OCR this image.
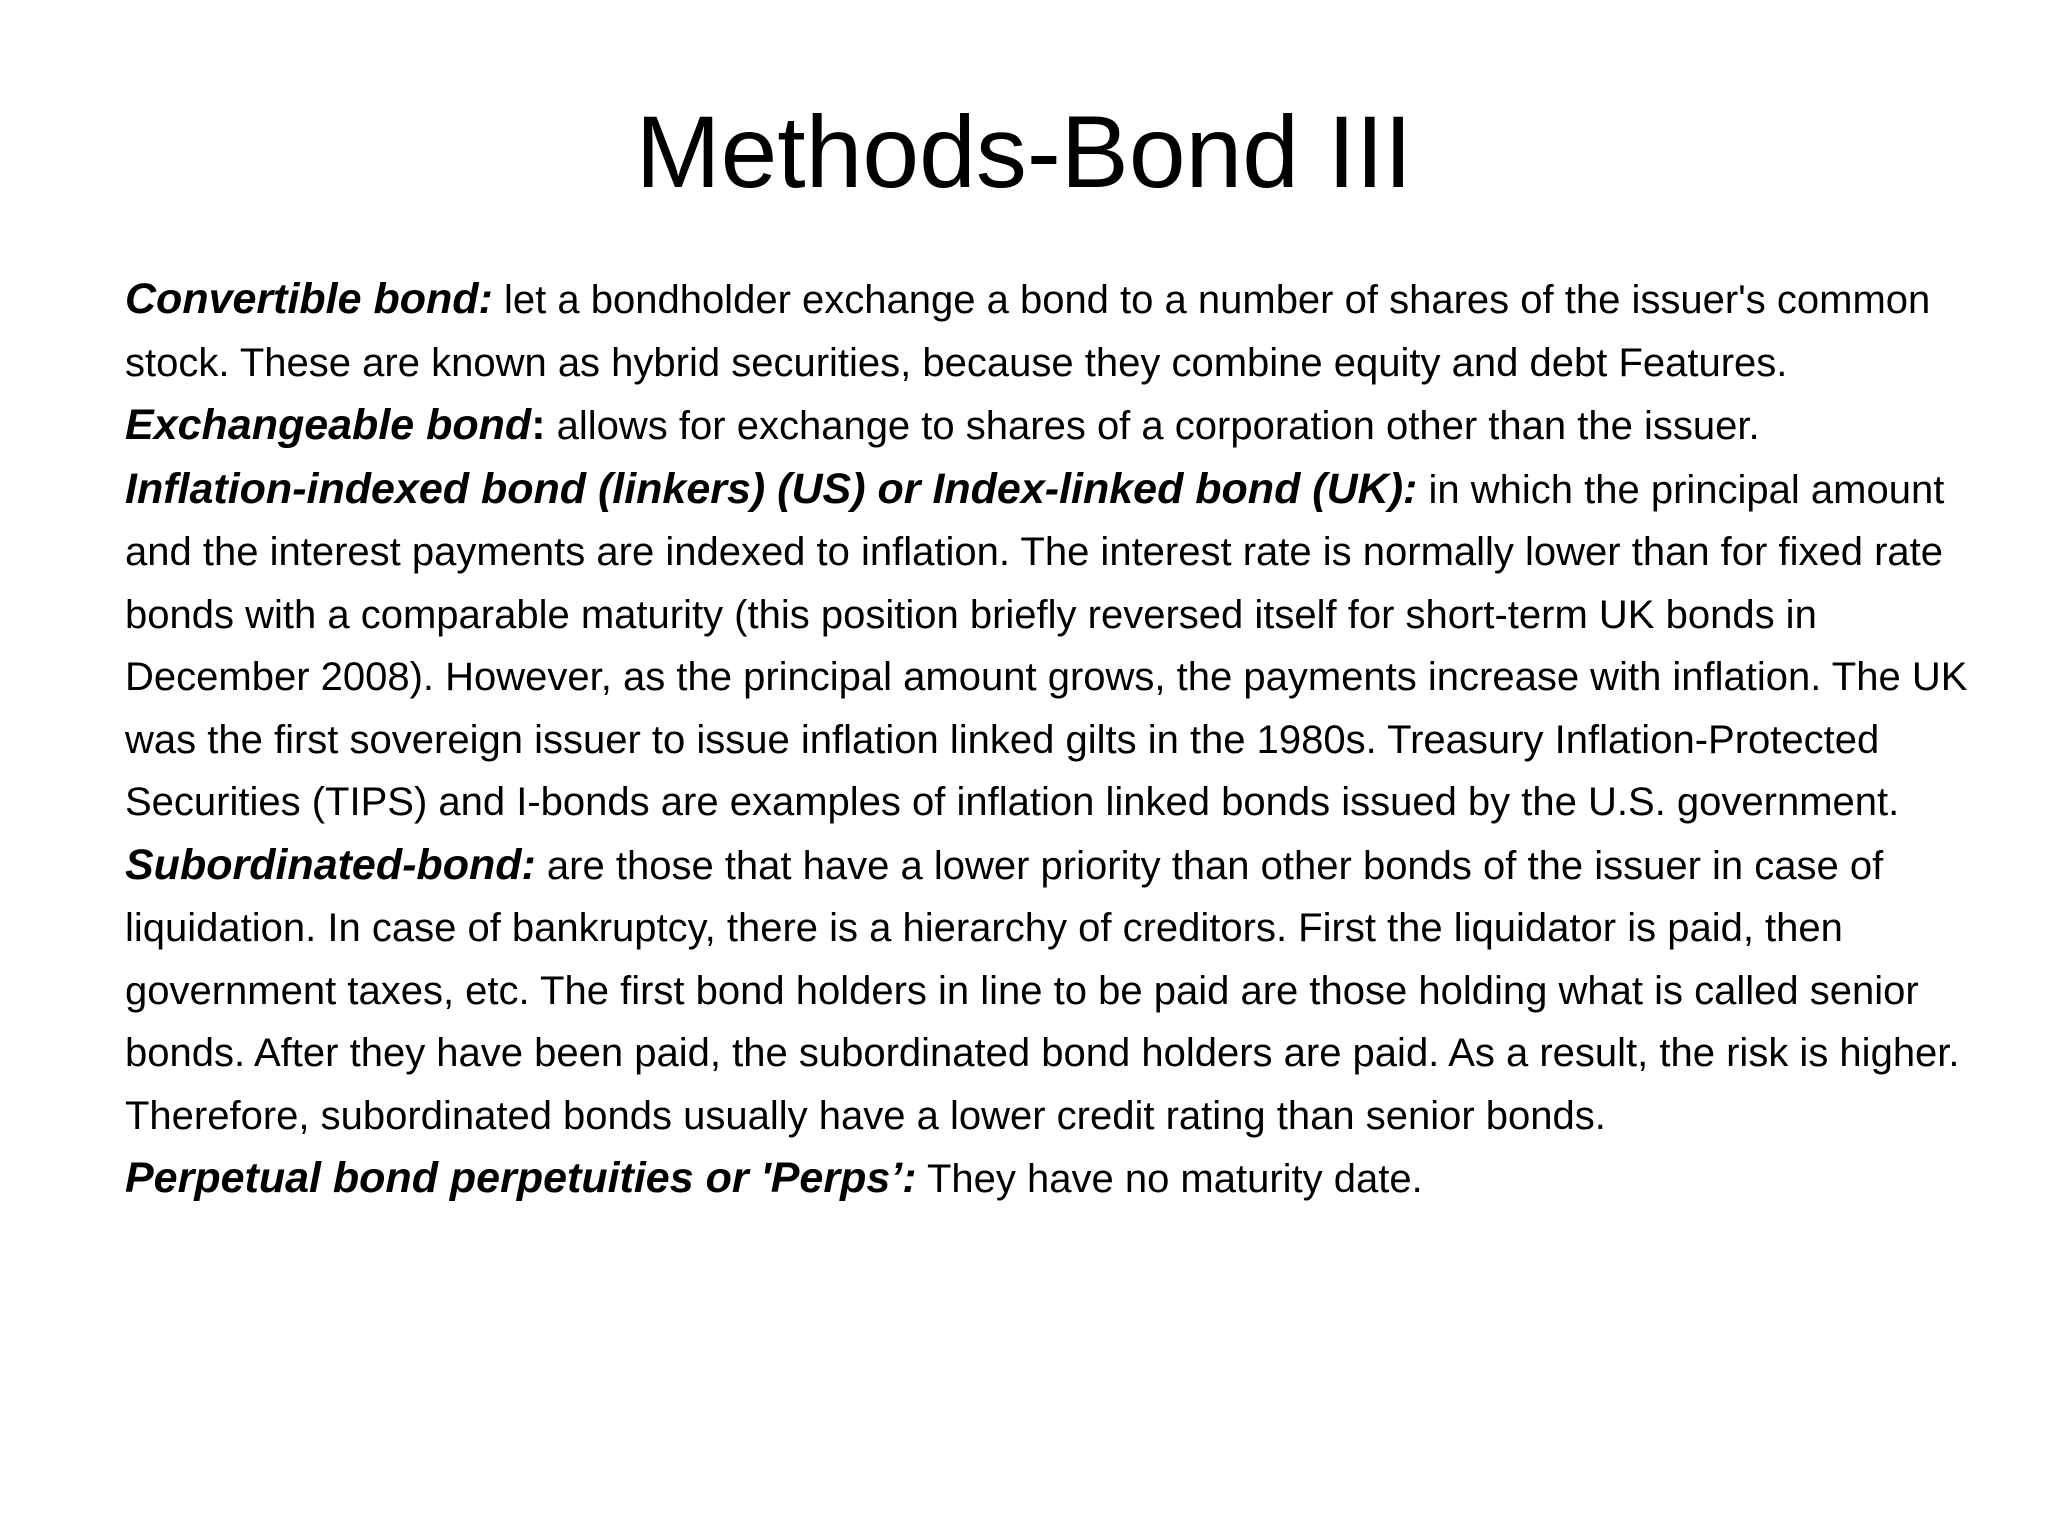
Methods-Bond III

Convertible bond: let a bondholder exchange a bond to a number of shares of the issuer's common stock. These are known as hybrid securities, because they combine equity and debt Features.

Exchangeable bond: allows for exchange to shares of a corporation other than the issuer.

Inflation-indexed bond (linkers) (US) or Index-linked bond (UK): in which the principal amount and the interest payments are indexed to inflation. The interest rate is normally lower than for fixed rate bonds with a comparable maturity (this position briefly reversed itself for short-term UK bonds in December 2008). However, as the principal amount grows, the payments increase with inflation. The UK was the first sovereign issuer to issue inflation linked gilts in the 1980s. Treasury Inflation-Protected Securities (TIPS) and I-bonds are examples of inflation linked bonds issued by the U.S. government.

Subordinated-bond: are those that have a lower priority than other bonds of the issuer in case of liquidation. In case of bankruptcy, there is a hierarchy of creditors. First the liquidator is paid, then government taxes, etc. The first bond holders in line to be paid are those holding what is called senior bonds. After they have been paid, the subordinated bond holders are paid. As a result, the risk is higher. Therefore, subordinated bonds usually have a lower credit rating than senior bonds.

Perpetual bond perpetuities or 'Perps’: They have no maturity date.
